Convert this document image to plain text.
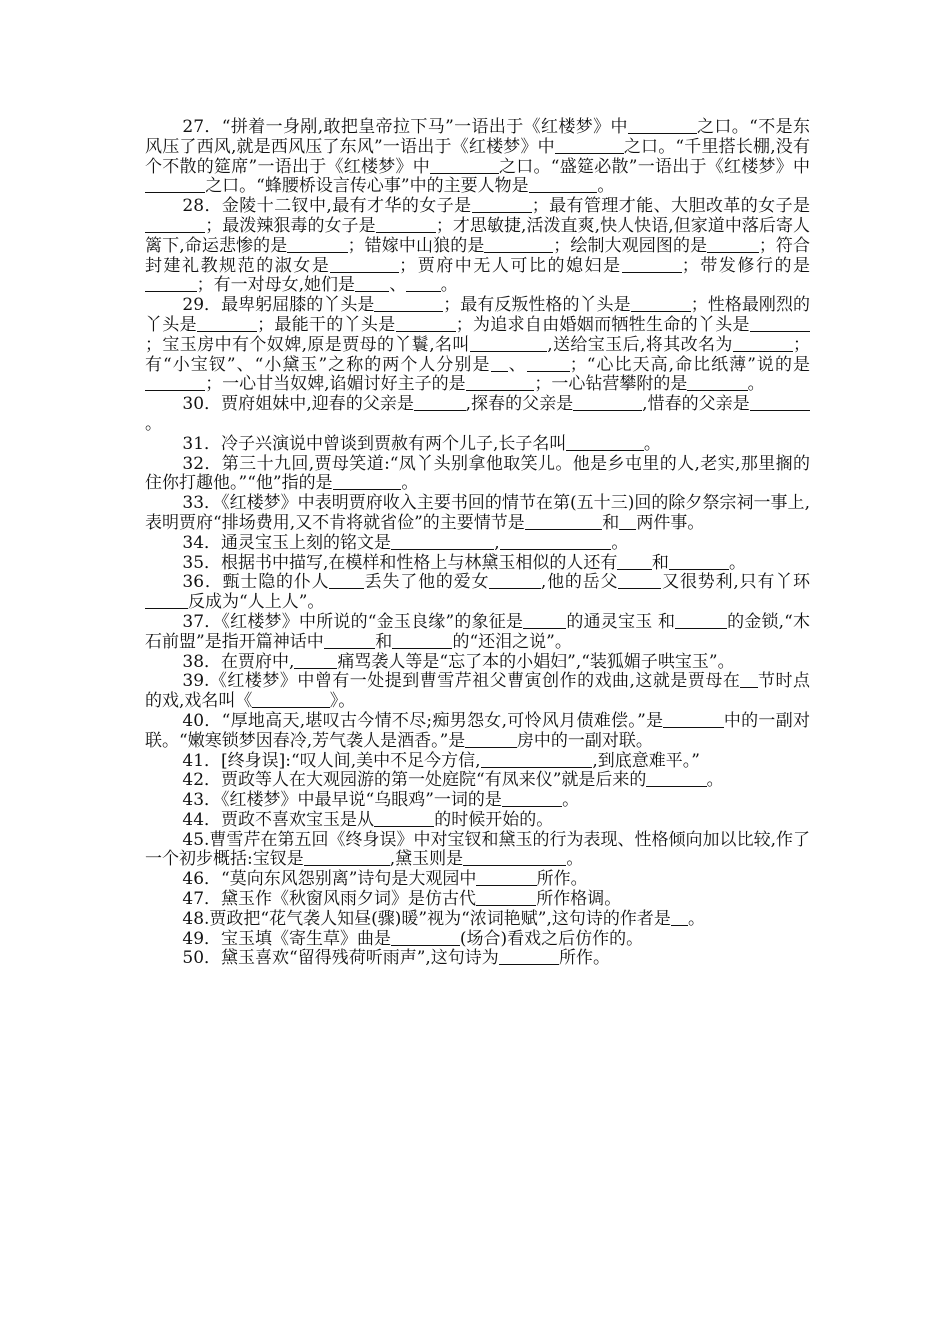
27．“拼着一身剐,敢把皇帝拉下马”一语出于《红楼梦》中	之口。“不是东风压了西风,就是西风压了东风”一语出于《红楼梦》中	之口。“千里搭长棚,没有个不散的筵席”一语出于《红楼梦》中	之口。“盛筵必散”一语出于《红楼梦》中之口。“蜂腰桥设言传心事”中的主要人物是	。
28．金陵十二钗中,最有才华的女子是	；最有管理才能、大胆改革的女子是；最泼辣狠毒的女子是	；才思敏捷,活泼直爽,快人快语,但家道中落后寄人篱下,命运悲惨的是	；错嫁中山狼的是	；绘制大观园图的是	；符合封建礼教规范的淑女是	；贾府中无人可比的媳妇是	；带发修行的是；有一对母女,她们是 、 。
29．最卑躬屈膝的丫头是	；最有反叛性格的丫头是	；性格最刚烈的丫头是	；最能干的丫头是	；为追求自由婚姻而牺牲生命的丫头是；宝玉房中有个奴婢,原是贾母的丫鬟,名叫	,送给宝玉后,将其改名为	；有“小宝钗”、“小黛玉”之称的两个人分别是 、	；“心比天高,命比纸薄”说的是；一心甘当奴婢,谄媚讨好主子的是	；一心钻营攀附的是	。
30．贾府姐妹中,迎春的父亲是	,探春的父亲是	,惜春的父亲是。
31．冷子兴演说中曾谈到贾赦有两个儿子,长子名叫	。
32．第三十九回,贾母笑道:“凤丫头别拿他取笑儿。他是乡屯里的人,老实,那里搁的住你打趣他。”“他”指的是	。
33．《红楼梦》中表明贾府收入主要书回的情节在第(五十三)回的除夕祭宗祠一事上,表明贾府“排场费用,又不肯将就省俭”的主要情节是	和 两件事。
34．通灵宝玉上刻的铭文是	,	。
35．根据书中描写,在模样和性格上与林黛玉相似的人还有 和	。
36．甄士隐的仆人 丢失了他的爱女	,他的岳父	又很势利,只有丫环反成为“人上人”。
37．《红楼梦》中所说的“金玉良缘”的象征是	的通灵宝玉 和	的金锁,“木石前盟”是指开篇神话中	和	的“还泪之说”。
38．在贾府中,	痛骂袭人等是“忘了本的小娼妇”,“装狐媚子哄宝玉”。
39.《红楼梦》中曾有一处提到曹雪芹祖父曹寅创作的戏曲,这就是贾母在 节时点的戏,戏名叫《	》。
40．“厚地高天,堪叹古今情不尽;痴男怨女,可怜风月债难偿。”是	中的一副对联。“嫩寒锁梦因春冷,芳气袭人是酒香。”是	房中的一副对联。
41．[终身误]:“叹人间,美中不足今方信,	,到底意难平。”
42．贾政等人在大观园游的第一处庭院“有凤来仪”就是后来的	。
43．《红楼梦》中最早说“乌眼鸡”一词的是	。
44．贾政不喜欢宝玉是从	的时候开始的。
45.曹雪芹在第五回《终身误》中对宝钗和黛玉的行为表现、性格倾向加以比较,作了一个初步概括:宝钗是	,黛玉则是	。
46．“莫向东风怨别离”诗句是大观园中	所作。
47．黛玉作《秋窗风雨夕词》是仿古代	所作格调。
48.贾政把“花气袭人知昼(骤)暖”视为“浓词艳赋”,这句诗的作者是 。
49．宝玉填《寄生草》曲是	(场合)看戏之后仿作的。
50．黛玉喜欢“留得残荷听雨声”,这句诗为	所作。
